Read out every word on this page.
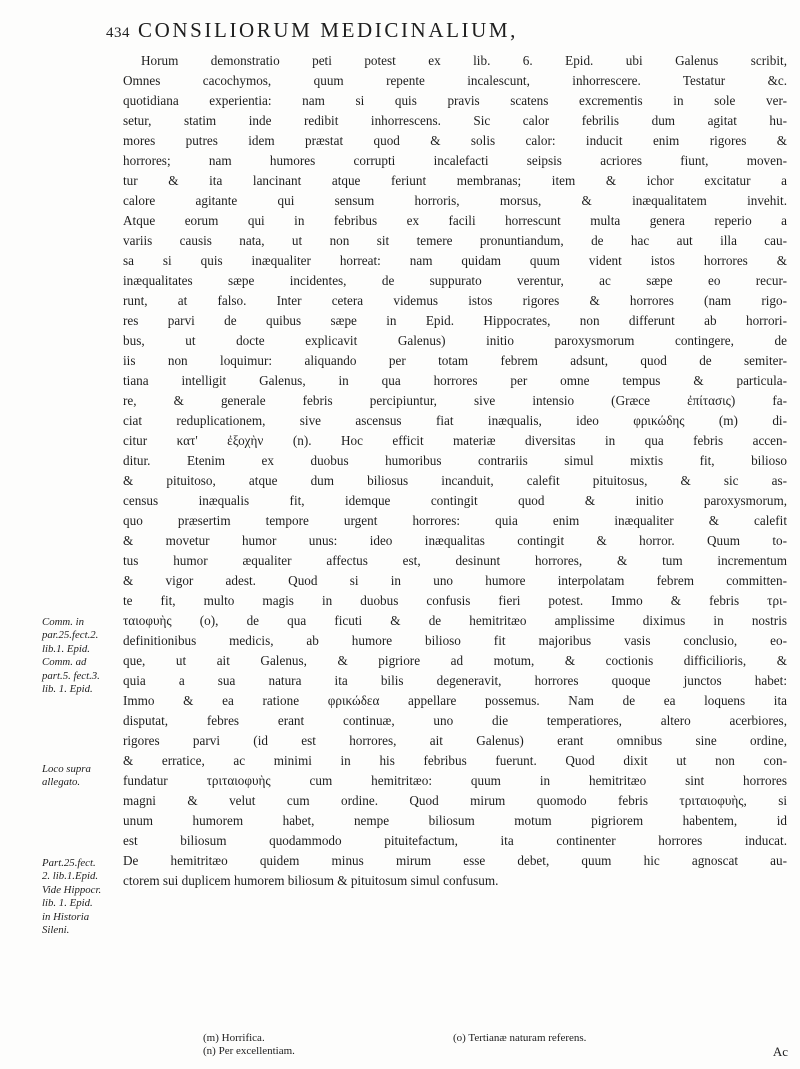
434 CONSILIORUM MEDICINALIUM,
Comm. in
par.25.fect.2.
lib.1. Epid.
Comm. ad
part.5. fect.3.
lib. 1. Epid.
Loco supra
allegato.
Part.25.fect.
2. lib.1.Epid.
Vide Hippocr.
lib. 1. Epid.
in Historia
Sileni.
Horum demonstratio peti potest ex lib. 6. Epid. ubi Galenus scribit,
Omnes cacochymos, quum repente incalescunt, inhorrescere. Testatur &c.
quotidiana experientia: nam si quis pravis scatens excrementis in sole ver-
setur, statim inde redibit inhorrescens. Sic calor febrilis dum agitat hu-
mores putres idem præstat quod & solis calor: inducit enim rigores &
horrores; nam humores corrupti incalefacti seipsis acriores fiunt, moven-
tur & ita lancinant atque feriunt membranas; item & ichor excitatur a
calore agitante qui sensum horroris, morsus, & inæqualitatem invehit.
Atque eorum qui in febribus ex facili horrescunt multa genera reperio a
variis causis nata, ut non sit temere pronuntiandum, de hac aut illa cau-
sa si quis inæqualiter horreat: nam quidam quum vident istos horrores &
inæqualitates sæpe incidentes, de suppurato verentur, ac sæpe eo recur-
runt, at falso. Inter cetera videmus istos rigores & horrores (nam rigo-
res parvi de quibus sæpe in Epid. Hippocrates, non differunt ab horrori-
bus, ut docte explicavit Galenus) initio paroxysmorum contingere, de
iis non loquimur: aliquando per totam febrem adsunt, quod de semiter-
tiana intelligit Galenus, in qua horrores per omne tempus & particula-
re, & generale febris percipiuntur, sive intensio (Græce ἐπίτασις) fa-
ciat reduplicationem, sive ascensus fiat inæqualis, ideo φρικώδης (m) di-
citur κατ' ἐξοχὴν (n). Hoc efficit materiæ diversitas in qua febris accen-
ditur. Etenim ex duobus humoribus contrariis simul mixtis fit, bilioso
& pituitoso, atque dum biliosus incanduit, calefit pituitosus, & sic as-
census inæqualis fit, idemque contingit quod & initio paroxysmorum,
quo præsertim tempore urgent horrores: quia enim inæqualiter & calefit
& movetur humor unus: ideo inæqualitas contingit & horror. Quum to-
tus humor æqualiter affectus est, desinunt horrores, & tum incrementum
& vigor adest. Quod si in uno humore interpolatam febrem committen-
te fit, multo magis in duobus confusis fieri potest. Immo & febris τρι-
ταιοφυὴς (o), de qua ficuti & de hemitritæo amplissime diximus in nostris
definitionibus medicis, ab humore bilioso fit majoribus vasis conclusio, eo-
que, ut ait Galenus, & pigriore ad motum, & coctionis difficilioris, &
quia a sua natura ita bilis degeneravit, horrores quoque junctos habet:
Immo & ea ratione φρικώδεα appellare possemus. Nam de ea loquens ita
disputat, febres erant continuæ, uno die temperatiores, altero acerbiores,
rigores parvi (id est horrores, ait Galenus) erant omnibus sine ordine,
& erratice, ac minimi in his febribus fuerunt. Quod dixit ut non con-
fundatur τριταιοφυὴς cum hemitritæo: quum in hemitritæo sint horrores
magni & velut cum ordine. Quod mirum quomodo febris τριταιοφυὴς, si
unum humorem habet, nempe biliosum motum pigriorem habentem, id
est biliosum quodammodo pituitefactum, ita continenter horrores inducat.
De hemitritæo quidem minus mirum esse debet, quum hic agnoscat au-
ctorem sui duplicem humorem biliosum & pituitosum simul confusum.
(m) Horrifica.	(o) Tertianæ naturam referens.
(n) Per excellentiam.	Ac
